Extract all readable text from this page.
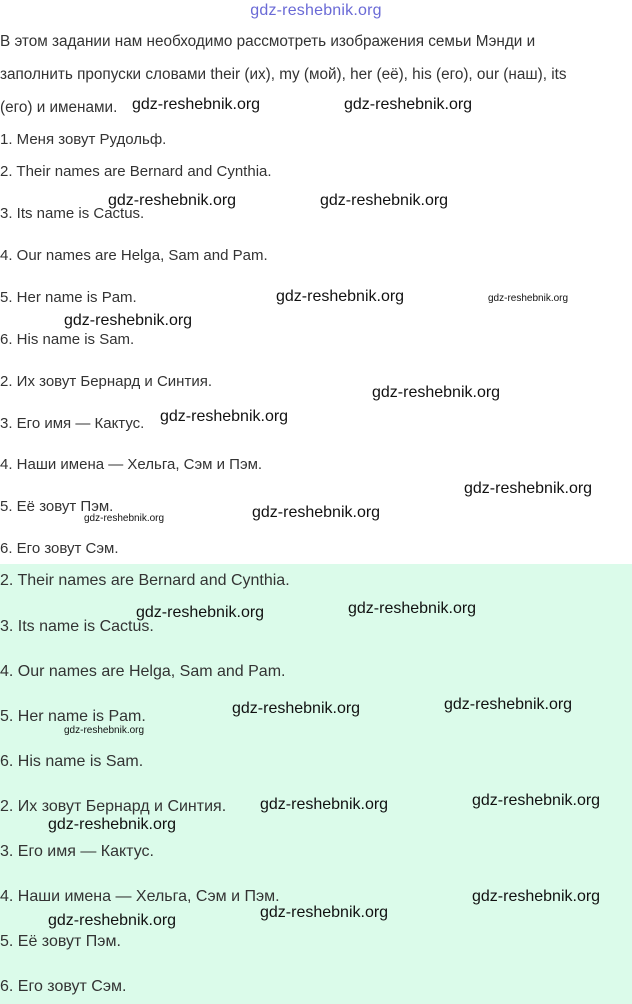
gdz-reshebnik.org
В этом задании нам необходимо рассмотреть изображения семьи Мэнди и
заполнить пропуски словами their (их), my (мой), her (её), his (его), our (наш), its
(его) и именами.
1. Меня зовут Рудольф.
2. Their names are Bernard and Cynthia.
3. Its name is Cactus.
4. Our names are Helga, Sam and Pam.
5. Her name is Pam.
6. His name is Sam.
2. Их зовут Бернард и Синтия.
3. Его имя — Кактус.
4. Наши имена — Хельга, Сэм и Пэм.
5. Её зовут Пэм.
6. Его зовут Сэм.
2. Their names are Bernard and Cynthia.
3. Its name is Cactus.
4. Our names are Helga, Sam and Pam.
5. Her name is Pam.
6. His name is Sam.
2. Их зовут Бернард и Синтия.
3. Его имя — Кактус.
4. Наши имена — Хельга, Сэм и Пэм.
5. Её зовут Пэм.
6. Его зовут Сэм.
gdz-reshebnik.org	gdz-reshebnik.org
gdz-reshebnik.org	gdz-reshebnik.org
gdz-reshebnik.org	gdz-reshebnik.org
gdz-reshebnik.org
gdz-reshebnik.org
gdz-reshebnik.org
gdz-reshebnik.org
gdz-reshebnik.org
gdz-reshebnik.org
gdz-reshebnik.org
gdz-reshebnik.org
gdz-reshebnik.org
gdz-reshebnik.org
gdz-reshebnik.org
gdz-reshebnik.org
gdz-reshebnik.org
gdz-reshebnik.org
gdz-reshebnik.org
gdz-reshebnik.org
gdz-reshebnik.org
